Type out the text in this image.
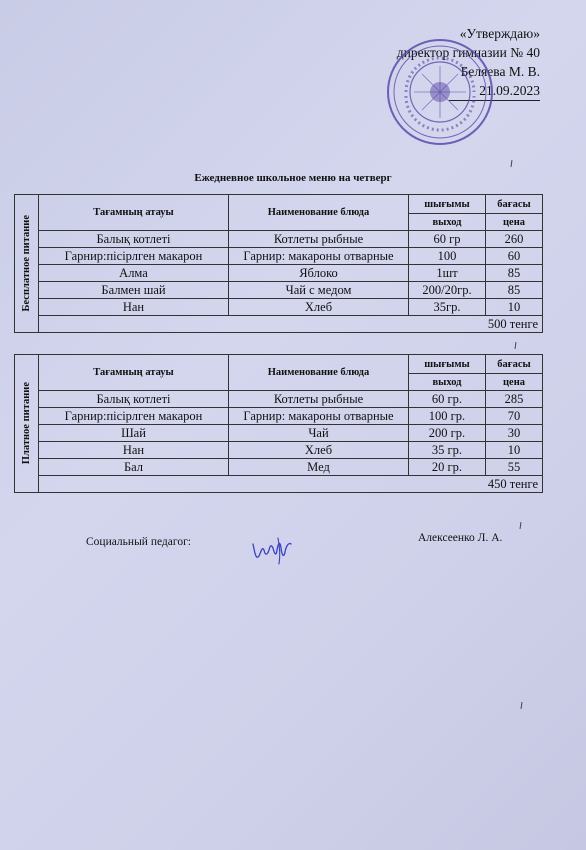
«Утверждаю»
директор гимназии № 40
Беляева М. В.
21.09.2023
Ежедневное школьное меню на четверг
Бесплатное питание	Тағамның атауы	Наименование блюда	шығымы	бағасы
			выход	цена
	Балық котлеті	Котлеты рыбные	60 гр	260
	Гарнир:пісірлген макарон	Гарнир: макароны отварные	100	60
	Алма	Яблоко	1шт	85
	Балмен шай	Чай с медом	200/20гр.	85
	Нан	Хлеб	35гр.	10
	500 тенге			
Платное питание	Тағамның атауы	Наименование блюда	шығымы	бағасы
			выход	цена
	Балық котлеті	Котлеты рыбные	60 гр.	285
	Гарнир:пісірлген макарон	Гарнир: макароны отварные	100 гр.	70
	Шай	Чай	200 гр.	30
	Нан	Хлеб	35 гр.	10
	Бал	Мед	20 гр.	55
	450 тенге			
Социальный педагог:	Алексеенко Л. А.
